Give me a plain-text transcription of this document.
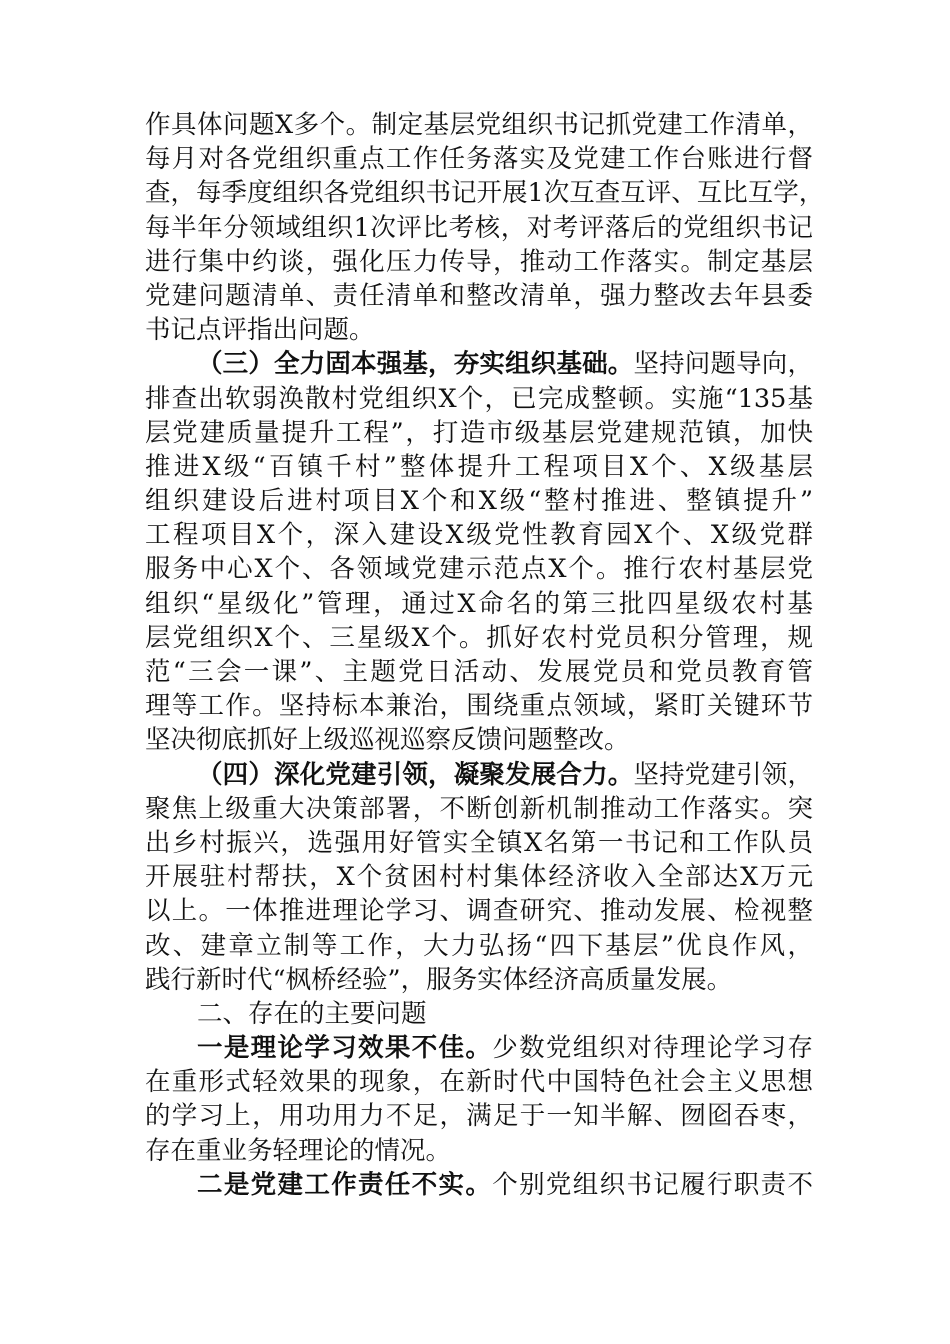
作具体问题X多个。制定基层党组织书记抓党建工作清单，
每月对各党组织重点工作任务落实及党建工作台账进行督
查，每季度组织各党组织书记开展1次互查互评、互比互学，
每半年分领域组织1次评比考核，对考评落后的党组织书记
进行集中约谈，强化压力传导，推动工作落实。制定基层
党建问题清单、责任清单和整改清单，强力整改去年县委
书记点评指出问题。
（三）全力固本强基，夯实组织基础。坚持问题导向，
排查出软弱涣散村党组织X个，已完成整顿。实施“135基
层党建质量提升工程”，打造市级基层党建规范镇，加快
推进X级“百镇千村”整体提升工程项目X个、X级基层
组织建设后进村项目X个和X级“整村推进、整镇提升”
工程项目X个，深入建设X级党性教育园X个、X级党群
服务中心X个、各领域党建示范点X个。推行农村基层党
组织“星级化”管理，通过X命名的第三批四星级农村基
层党组织X个、三星级X个。抓好农村党员积分管理，规
范“三会一课”、主题党日活动、发展党员和党员教育管
理等工作。坚持标本兼治，围绕重点领域，紧盯关键环节
坚决彻底抓好上级巡视巡察反馈问题整改。
（四）深化党建引领，凝聚发展合力。坚持党建引领，
聚焦上级重大决策部署，不断创新机制推动工作落实。突
出乡村振兴，选强用好管实全镇X名第一书记和工作队员
开展驻村帮扶，X个贫困村村集体经济收入全部达X万元
以上。一体推进理论学习、调查研究、推动发展、检视整
改、建章立制等工作，大力弘扬“四下基层”优良作风，
践行新时代“枫桥经验”，服务实体经济高质量发展。
二、存在的主要问题
一是理论学习效果不佳。少数党组织对待理论学习存
在重形式轻效果的现象，在新时代中国特色社会主义思想
的学习上，用功用力不足，满足于一知半解、囫囵吞枣，
存在重业务轻理论的情况。
二是党建工作责任不实。个别党组织书记履行职责不
